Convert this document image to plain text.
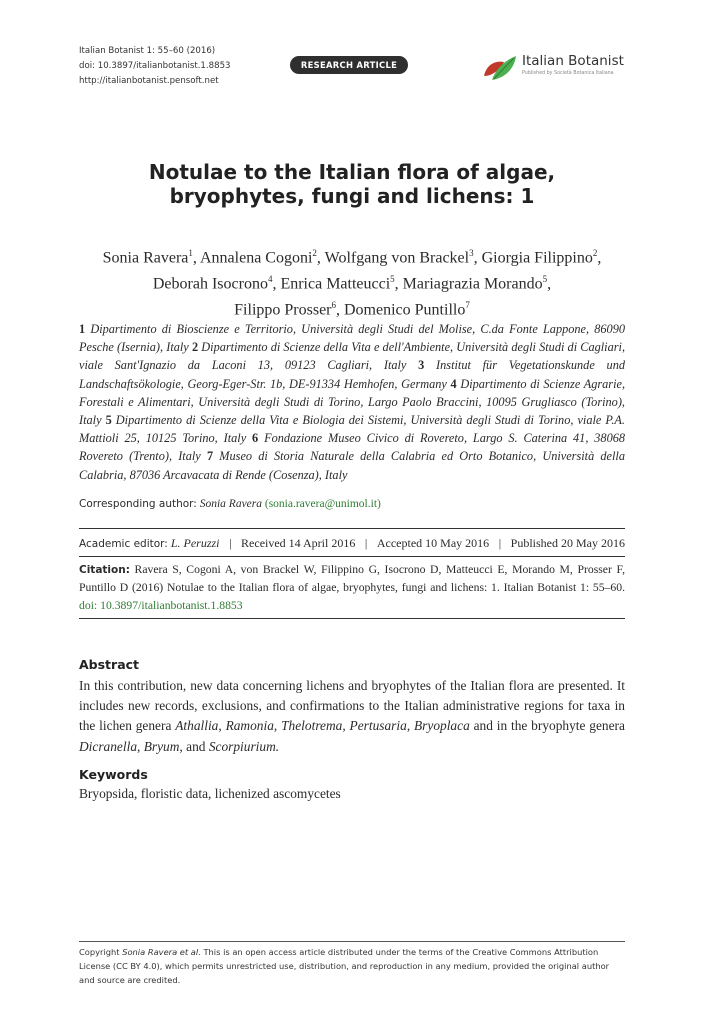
Italian Botanist 1: 55–60 (2016)
doi: 10.3897/italianbotanist.1.8853
http://italianbotanist.pensoft.net
RESEARCH ARTICLE	Italian Botanist
Published by Società Botanica Italiana
Notulae to the Italian flora of algae,
bryophytes, fungi and lichens: 1
Sonia Ravera$^1$, Annalena Cogoni$^2$, Wolfgang von Brackel$^3$, Giorgia Filippino$^2$,
Deborah Isocrono$^4$, Enrica Matteucci$^5$, Mariagrazia Morando$^5$,
Filippo Prosser$^6$, Domenico Puntillo$^7$
1 Dipartimento di Bioscienze e Territorio, Università degli Studi del Molise, C.da Fonte Lappone, 86090 Pesche (Isernia), Italy 2 Dipartimento di Scienze della Vita e dell'Ambiente, Università degli Studi di Cagliari, viale Sant'Ignazio da Laconi 13, 09123 Cagliari, Italy 3 Institut für Vegetationskunde und Landschaftsökologie, Georg-Eger-Str. 1b, DE-91334 Hemhofen, Germany 4 Dipartimento di Scienze Agrarie, Forestali e Alimentari, Università degli Studi di Torino, Largo Paolo Braccini, 10095 Grugliasco (Torino), Italy 5 Dipartimento di Scienze della Vita e Biologia dei Sistemi, Università degli Studi di Torino, viale P.A. Mattioli 25, 10125 Torino, Italy 6 Fondazione Museo Civico di Rovereto, Largo S. Caterina 41, 38068 Rovereto (Trento), Italy 7 Museo di Storia Naturale della Calabria ed Orto Botanico, Università della Calabria, 87036 Arcavacata di Rende (Cosenza), Italy
Corresponding author: Sonia Ravera (sonia.ravera@unimol.it)
Academic editor: L. Peruzzi | Received 14 April 2016 | Accepted 10 May 2016 | Published 20 May 2016
Citation: Ravera S, Cogoni A, von Brackel W, Filippino G, Isocrono D, Matteucci E, Morando M, Prosser F, Puntillo D (2016) Notulae to the Italian flora of algae, bryophytes, fungi and lichens: 1. Italian Botanist 1: 55–60. doi: 10.3897/italianbotanist.1.8853
Abstract
In this contribution, new data concerning lichens and bryophytes of the Italian flora are presented. It includes new records, exclusions, and confirmations to the Italian administrative regions for taxa in the lichen genera Athallia, Ramonia, Thelotrema, Pertusaria, Bryoplaca and in the bryophyte genera Dicranella, Bryum, and Scorpiurium.
Keywords
Bryopsida, floristic data, lichenized ascomycetes
Copyright Sonia Ravera et al. This is an open access article distributed under the terms of the Creative Commons Attribution License (CC BY 4.0), which permits unrestricted use, distribution, and reproduction in any medium, provided the original author and source are credited.
